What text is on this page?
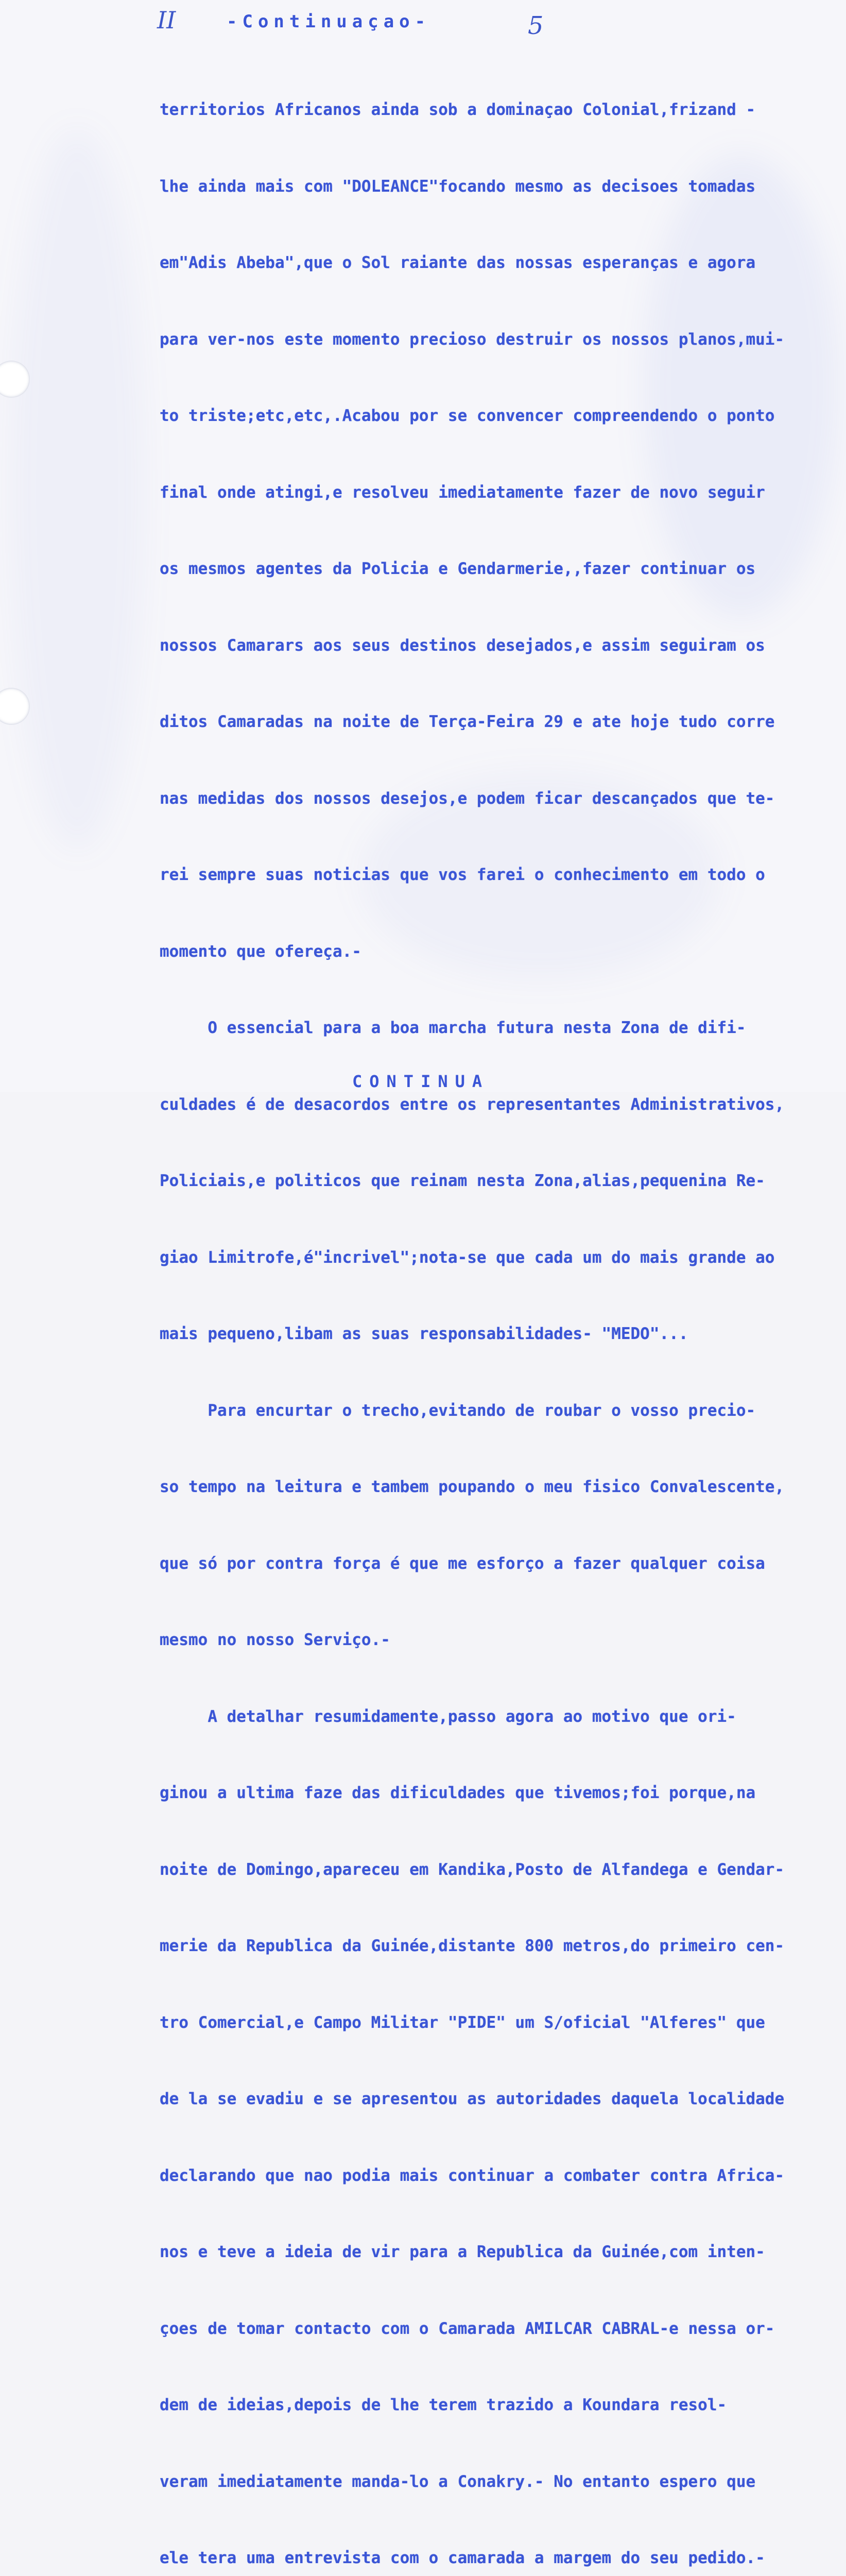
II	5
-Continuaçao-

territorios Africanos ainda sob a dominaçao Colonial,frizand -

lhe ainda mais com "DOLEANCE"focando mesmo as decisoes tomadas

em"Adis Abeba",que o Sol raiante das nossas esperanças e agora

para ver-nos este momento precioso destruir os nossos planos,mui-

to triste;etc,etc,.Acabou por se convencer compreendendo o ponto

final onde atingi,e resolveu imediatamente fazer de novo seguir

os mesmos agentes da Policia e Gendarmerie,,fazer continuar os

nossos Camarars aos seus destinos desejados,e assim seguiram os

ditos Camaradas na noite de Terça-Feira 29 e ate hoje tudo corre

nas medidas dos nossos desejos,e podem ficar descançados que te-

rei sempre suas noticias que vos farei o conhecimento em todo o

momento que ofereça.-

O essencial para a boa marcha futura nesta Zona de difi-

culdades é de desacordos entre os representantes Administrativos,

Policiais,e politicos que reinam nesta Zona,alias,pequenina Re-

giao Limitrofe,é"incrivel";nota-se que cada um do mais grande ao

mais pequeno,libam as suas responsabilidades- "MEDO"...

Para encurtar o trecho,evitando de roubar o vosso precio-

so tempo na leitura e tambem poupando o meu fisico Convalescente,

que só por contra força é que me esforço a fazer qualquer coisa

mesmo no nosso Serviço.-

A detalhar resumidamente,passo agora ao motivo que ori-

ginou a ultima faze das dificuldades que tivemos;foi porque,na

noite de Domingo,apareceu em Kandika,Posto de Alfandega e Gendar-

merie da Republica da Guinée,distante 800 metros,do primeiro cen-

tro Comercial,e Campo Militar "PIDE" um S/oficial "Alferes" que

de la se evadiu e se apresentou as autoridades daquela localidade

declarando que nao podia mais continuar a combater contra Africa-

nos e teve a ideia de vir para a Republica da Guinée,com inten-

çoes de tomar contacto com o Camarada AMILCAR CABRAL-e nessa or-

dem de ideias,depois de lhe terem trazido a Koundara resol-

veram imediatamente manda-lo a Conakry.- No entanto espero que

ele tera uma entrevista com o camarada a margem do seu pedido.-

CONTINUA
